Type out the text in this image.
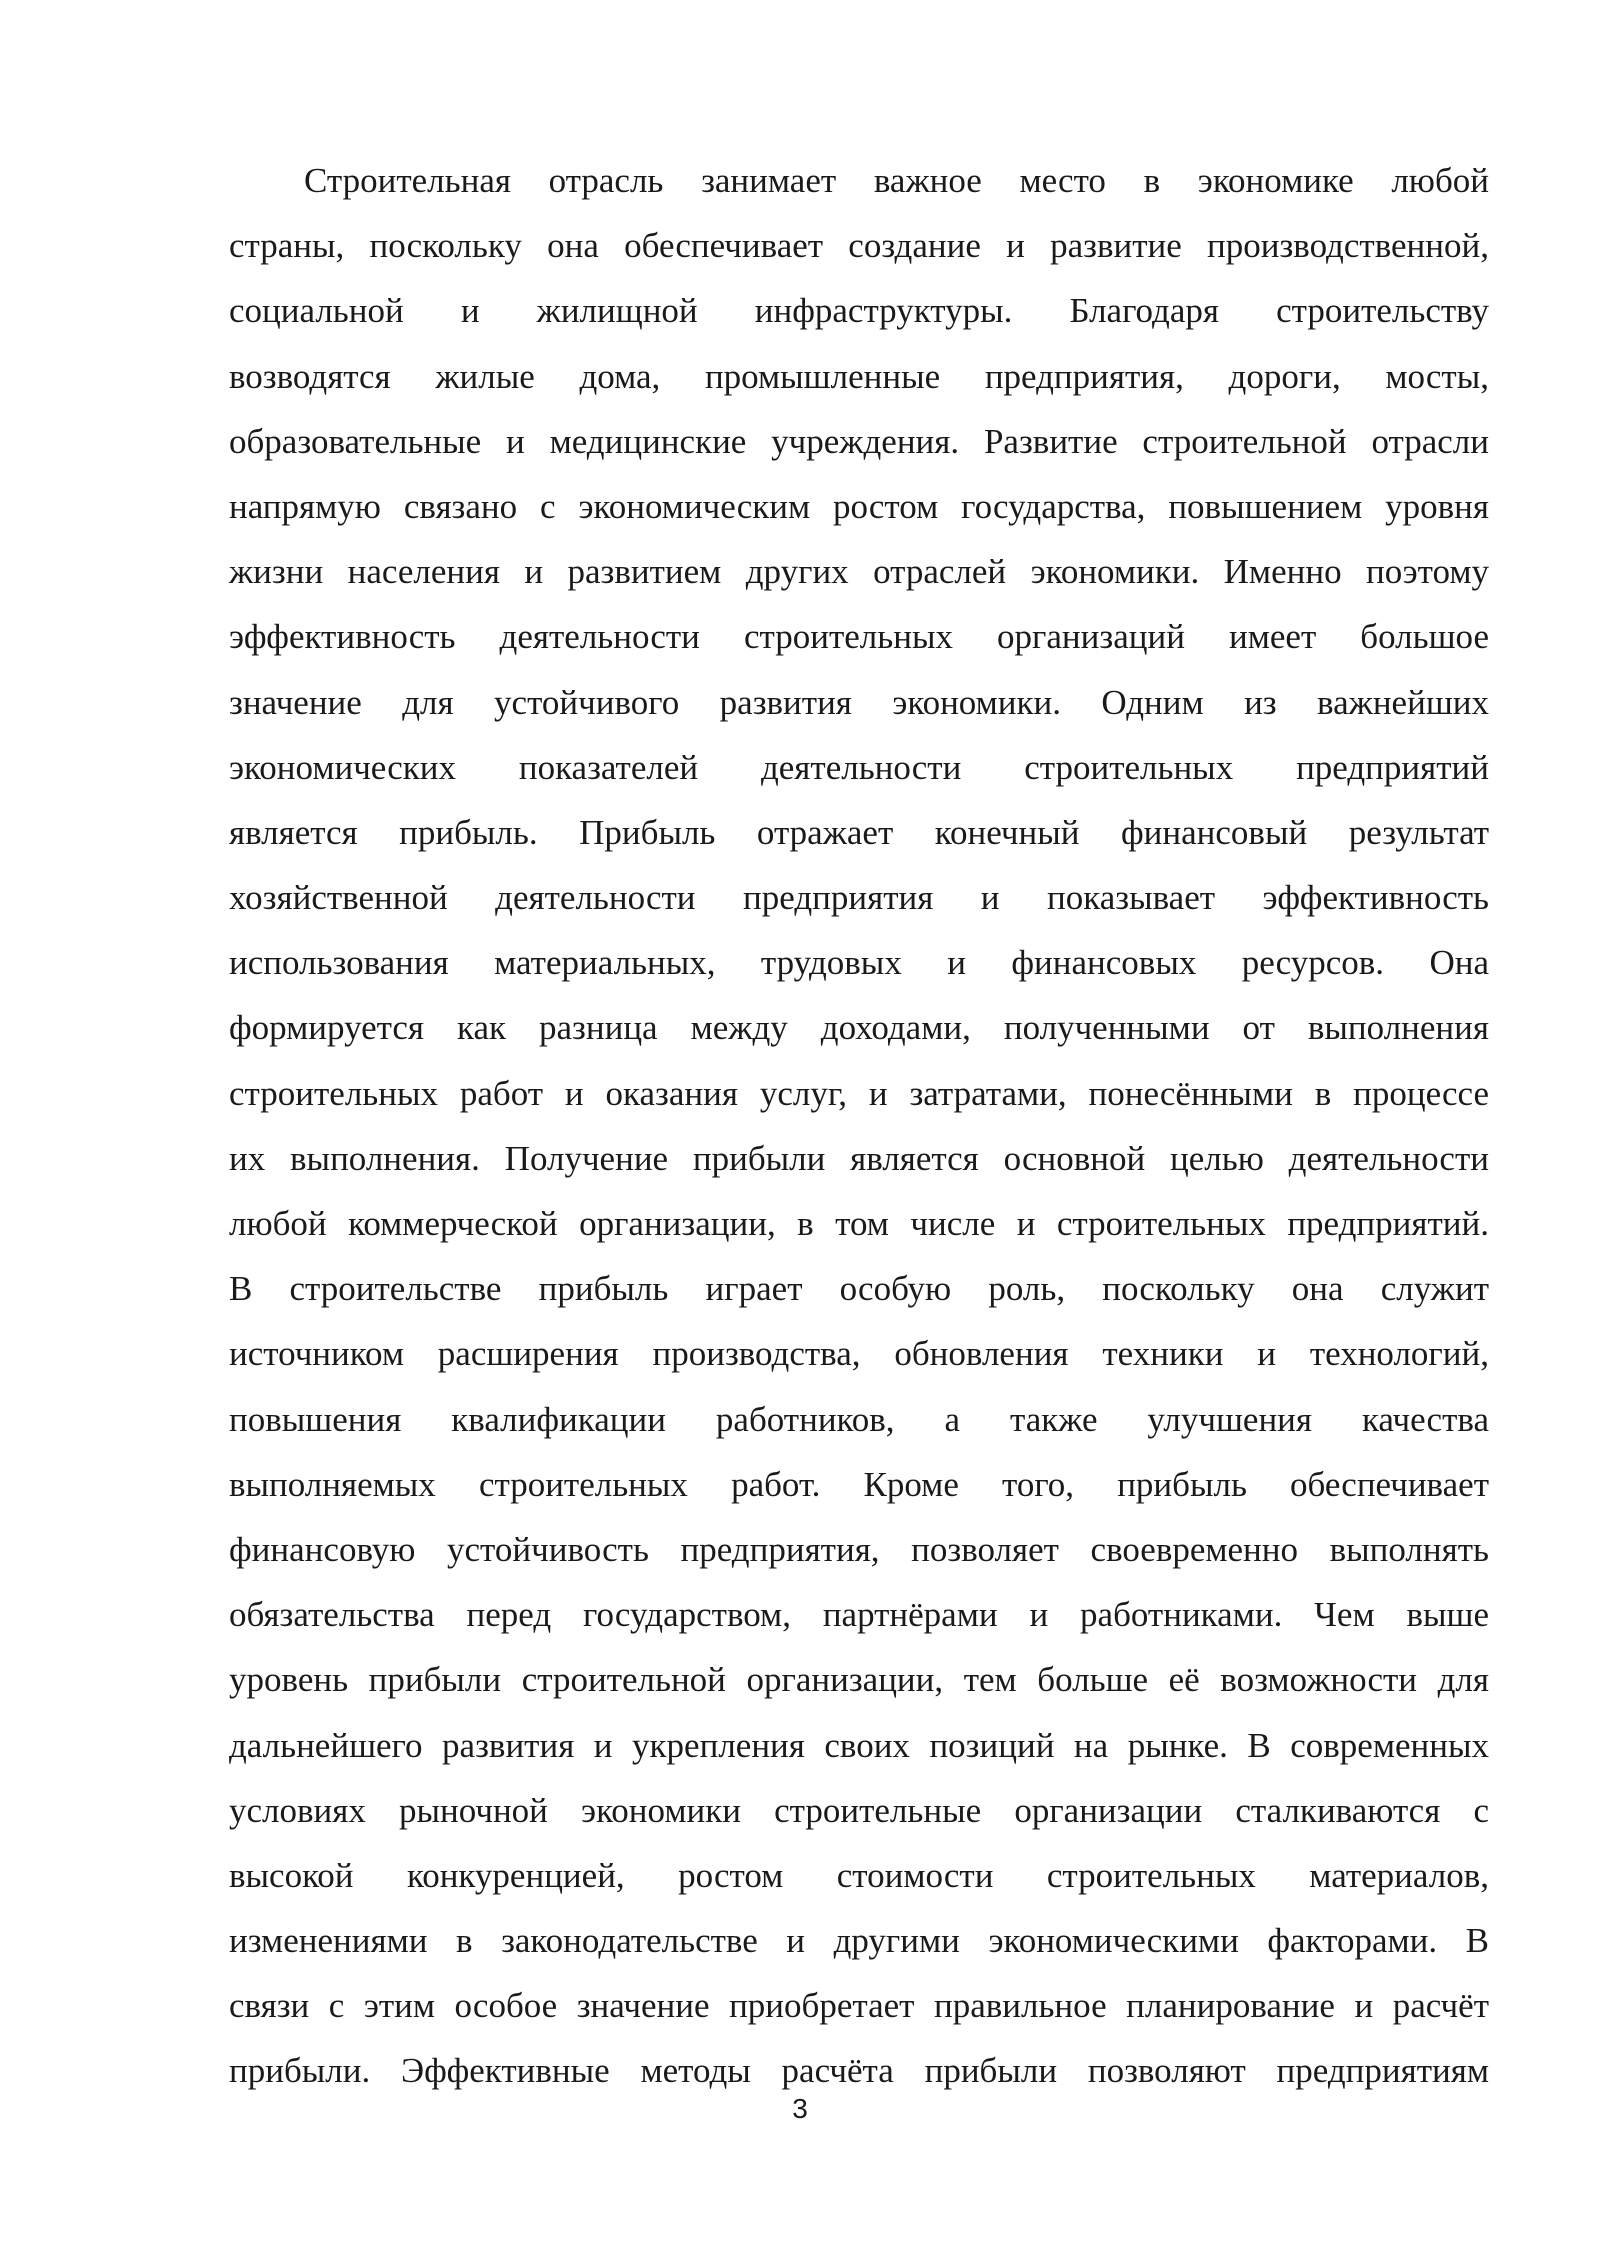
Строительная отрасль занимает важное место в экономике любой
страны, поскольку она обеспечивает создание и развитие производственной,
социальной и жилищной инфраструктуры. Благодаря строительству
возводятся жилые дома, промышленные предприятия, дороги, мосты,
образовательные и медицинские учреждения. Развитие строительной отрасли
напрямую связано с экономическим ростом государства, повышением уровня
жизни населения и развитием других отраслей экономики. Именно поэтому
эффективность деятельности строительных организаций имеет большое
значение для устойчивого развития экономики. Одним из важнейших
экономических показателей деятельности строительных предприятий
является прибыль. Прибыль отражает конечный финансовый результат
хозяйственной деятельности предприятия и показывает эффективность
использования материальных, трудовых и финансовых ресурсов. Она
формируется как разница между доходами, полученными от выполнения
строительных работ и оказания услуг, и затратами, понесёнными в процессе
их выполнения. Получение прибыли является основной целью деятельности
любой коммерческой организации, в том числе и строительных предприятий.
В строительстве прибыль играет особую роль, поскольку она служит
источником расширения производства, обновления техники и технологий,
повышения квалификации работников, а также улучшения качества
выполняемых строительных работ. Кроме того, прибыль обеспечивает
финансовую устойчивость предприятия, позволяет своевременно выполнять
обязательства перед государством, партнёрами и работниками. Чем выше
уровень прибыли строительной организации, тем больше её возможности для
дальнейшего развития и укрепления своих позиций на рынке. В современных
условиях рыночной экономики строительные организации сталкиваются с
высокой конкуренцией, ростом стоимости строительных материалов,
изменениями в законодательстве и другими экономическими факторами. В
связи с этим особое значение приобретает правильное планирование и расчёт
прибыли. Эффективные методы расчёта прибыли позволяют предприятиям
3
